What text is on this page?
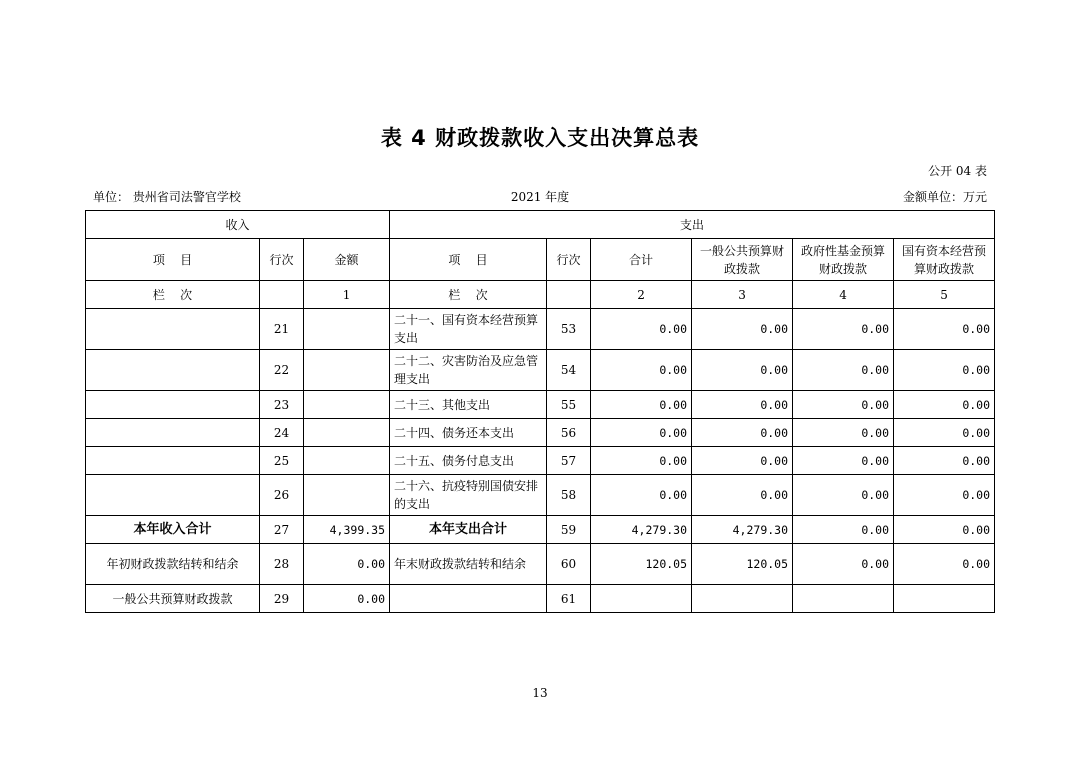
表 4 财政拨款收入支出决算总表
公开 04 表
单位： 贵州省司法警官学校	2021 年度	金额单位：万元
收入			支出					
项    目	行次	金额	项    目	行次	合计	一般公共预算财政拨款	政府性基金预算财政拨款	国有资本经营预算财政拨款
栏    次		1	栏    次		2	3	4	5
	21		二十一、国有资本经营预算支出	53	0.00	0.00	0.00	0.00
	22		二十二、灾害防治及应急管理支出	54	0.00	0.00	0.00	0.00
	23		二十三、其他支出	55	0.00	0.00	0.00	0.00
	24		二十四、债务还本支出	56	0.00	0.00	0.00	0.00
	25		二十五、债务付息支出	57	0.00	0.00	0.00	0.00
	26		二十六、抗疫特别国债安排的支出	58	0.00	0.00	0.00	0.00
本年收入合计	27	4,399.35	本年支出合计	59	4,279.30	4,279.30	0.00	0.00
年初财政拨款结转和结余	28	0.00	年末财政拨款结转和结余	60	120.05	120.05	0.00	0.00
一般公共预算财政拨款	29	0.00		61				
13
